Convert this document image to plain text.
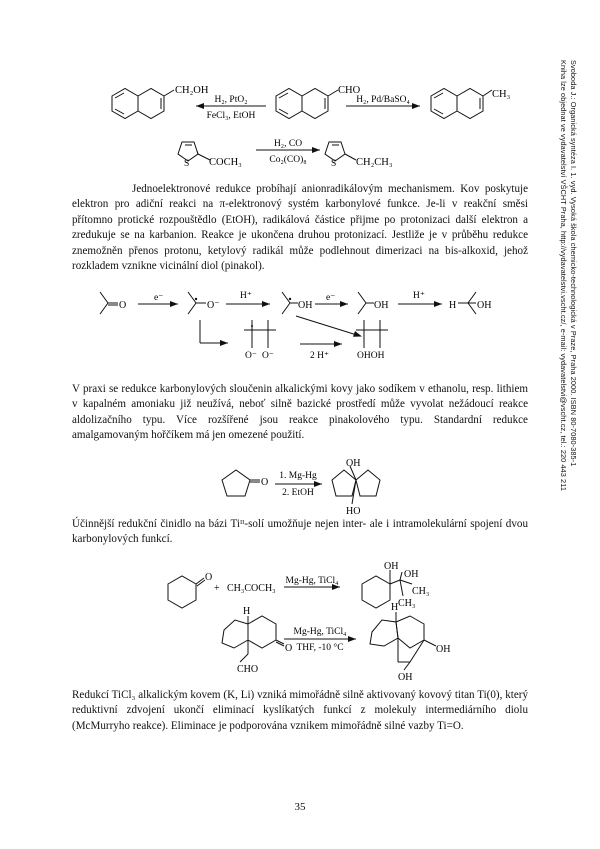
Svoboda J.: Organická syntéza I. 1. vyd. Vysoká škola chemicko-technologická v Praze, Praha 2000. ISBN 80-7080-385-1
Kniha lze objednat ve vydavatelství VŠCHT Praha, http://vydavatelstvi.vscht.cz/, e-mail: vydavatelstvi@vscht.cz, tel.: 220 443 211
CH₂OH	CHO	CH₃
H₂, PtO₂
FeCl₃, EtOH
H₂, Pd/BaSO₄
S	S
COCH₃	CH₂CH₃
H₂, CO
Co₂(CO)₈

Jednoelektronové redukce probíhají anionradikálovým mechanismem. Kov poskytuje elektron pro adiční reakci na π-elektronový systém karbonylové funkce. Je-li v reakční směsi přítomno protické rozpouštědlo (EtOH), radikálová částice přijme po protonizaci další elektron a zredukuje se na karbanion. Reakce je ukončena druhou protonizací. Jestliže je v průběhu redukce znemožněn přenos protonu, ketylový radikál může podlehnout dimerizaci na bis-alkoxid, jehož rozkladem vznikne vicinální diol (pinakol).

O
e⁻
O⁻
H⁺
OH
e⁻
OH
H⁺
H OH
O⁻ O⁻	2 H⁺	OHOH

V praxi se redukce karbonylových sloučenin alkalickými kovy jako sodíkem v ethanolu, resp. lithiem v kapalném amoniaku již neužívá, neboť silně bazické prostředí může vyvolat nežádoucí reakce aldolizačního typu. Více rozšířené jsou reakce pinakolového typu. Standardní redukce amalgamovaným hořčíkem má jen omezené použití.

O
1. Mg-Hg
2. EtOH
OH
HO

Účinnější redukční činidlo na bázi Tiᴵᴵ-solí umožňuje nejen inter- ale i intramolekulární spojení dvou karbonylových funkcí.

O
+ CH₃COCH₃
Mg-Hg, TiCl₄
OH
OH
CH₃
CH₃
H
O
CHO
Mg-Hg, TiCl₄
THF, -10 °C
H
OH
OH

Redukcí TiCl₃ alkalickým kovem (K, Li) vzniká mimořádně silně aktivovaný kovový titan Ti(0), který reduktivní zdvojení ukončí eliminací kyslíkatých funkcí z molekuly intermediárního diolu (McMurryho reakce). Eliminace je podporována vznikem mimořádně silné vazby Ti=O.

35
